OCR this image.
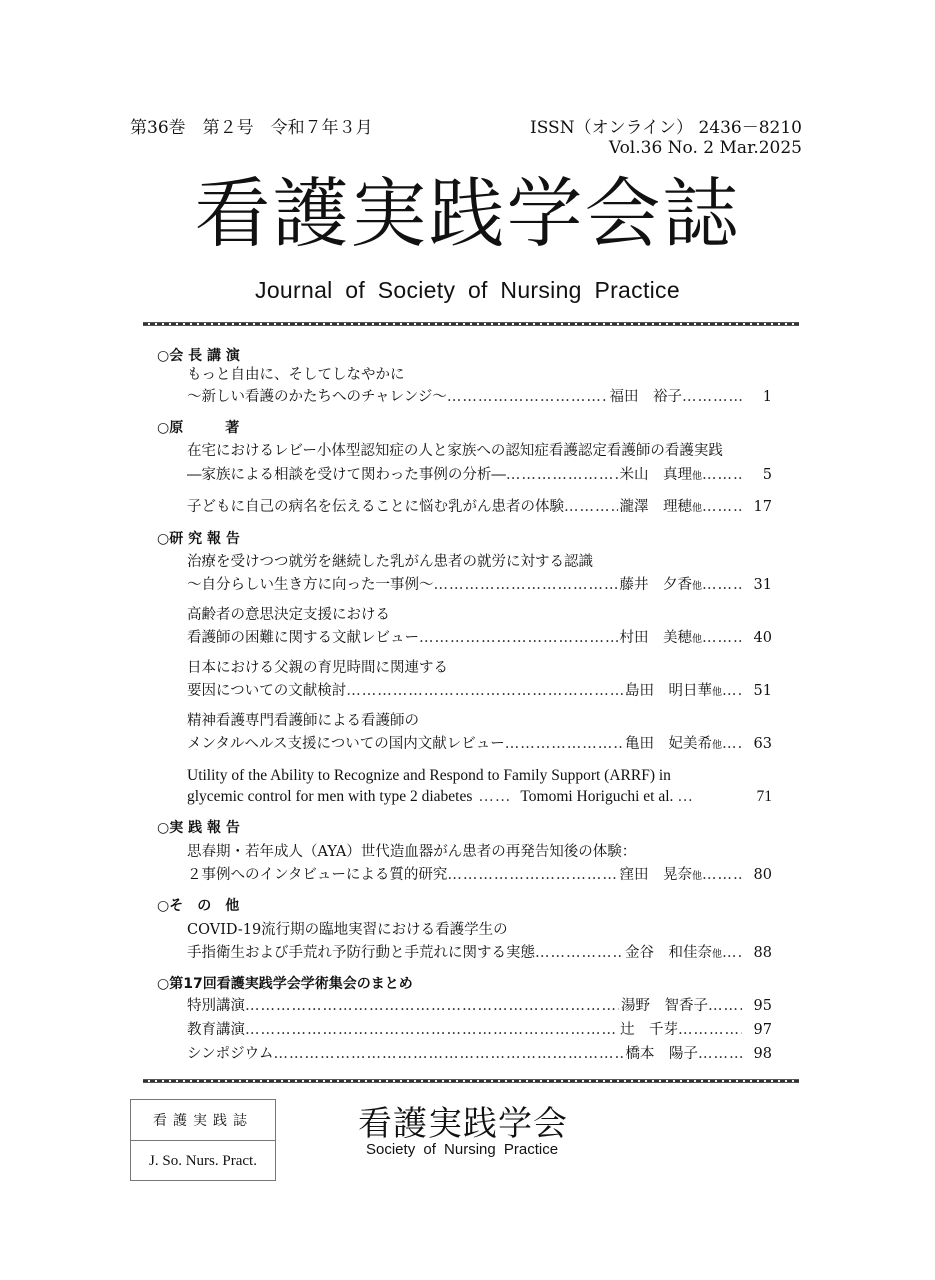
第36巻　第２号　令和７年３月	ISSN（オンライン） 2436－8210
Vol.36 No. 2 Mar.2025
看護実践学会誌
Journal of Society of Nursing Practice
○会 長 講 演
もっと自由に、そしてしなやかに
～新しい看護のかたちへのチャレンジ～ …………………………………………………………………………………………………………………………………………………………………………	福田　裕子 ……………………………	1
○原　　　著
在宅におけるレビー小体型認知症の人と家族への認知症看護認定看護師の看護実践
―家族による相談を受けて関わった事例の分析― …………………………………………………………………………………………………………………………………………………………………………	米山　真理他 ……………………………	5
子どもに自己の病名を伝えることに悩む乳がん患者の体験 …………………………………………………………………………………………………………………………………………………………………………	瀧澤　理穂他 ……………………………	17
○研 究 報 告
治療を受けつつ就労を継続した乳がん患者の就労に対する認識
～自分らしい生き方に向った一事例～ …………………………………………………………………………………………………………………………………………………………………………	藤井　夕香他 ……………………………	31
高齢者の意思決定支援における
看護師の困難に関する文献レビュー …………………………………………………………………………………………………………………………………………………………………………	村田　美穂他 ……………………………	40
日本における父親の育児時間に関連する
要因についての文献検討 …………………………………………………………………………………………………………………………………………………………………………	島田　明日華他 ……………………………	51
精神看護専門看護師による看護師の
メンタルヘルス支援についての国内文献レビュー …………………………………………………………………………………………………………………………………………………………………………	亀田　妃美希他 ……………………………	63
Utility of the Ability to Recognize and Respond to Family Support (ARRF) in
glycemic control for men with type 2 diabetes ……………………………	Tomomi Horiguchi et al. ……………………………	71
○実 践 報 告
思春期・若年成人（AYA）世代造血器がん患者の再発告知後の体験：
２事例へのインタビューによる質的研究 …………………………………………………………………………………………………………………………………………………………………………	窪田　晃奈他 ……………………………	80
○そ　の　他
COVID-19流行期の臨地実習における看護学生の
手指衛生および手荒れ予防行動と手荒れに関する実態 …………………………………………………………………………………………………………………………………………………………………………	金谷　和佳奈他 ……………………………	88
○第17回看護実践学会学術集会のまとめ
特別講演 …………………………………………………………………………………………………………………………………………………………………………	湯野　智香子 ……………………………	95
教育講演 …………………………………………………………………………………………………………………………………………………………………………	辻　千芽 ……………………………	97
シンポジウム …………………………………………………………………………………………………………………………………………………………………………	橋本　陽子 ……………………………	98
看護実践誌
J. So. Nurs. Pract.
看護実践学会
Society of Nursing Practice
